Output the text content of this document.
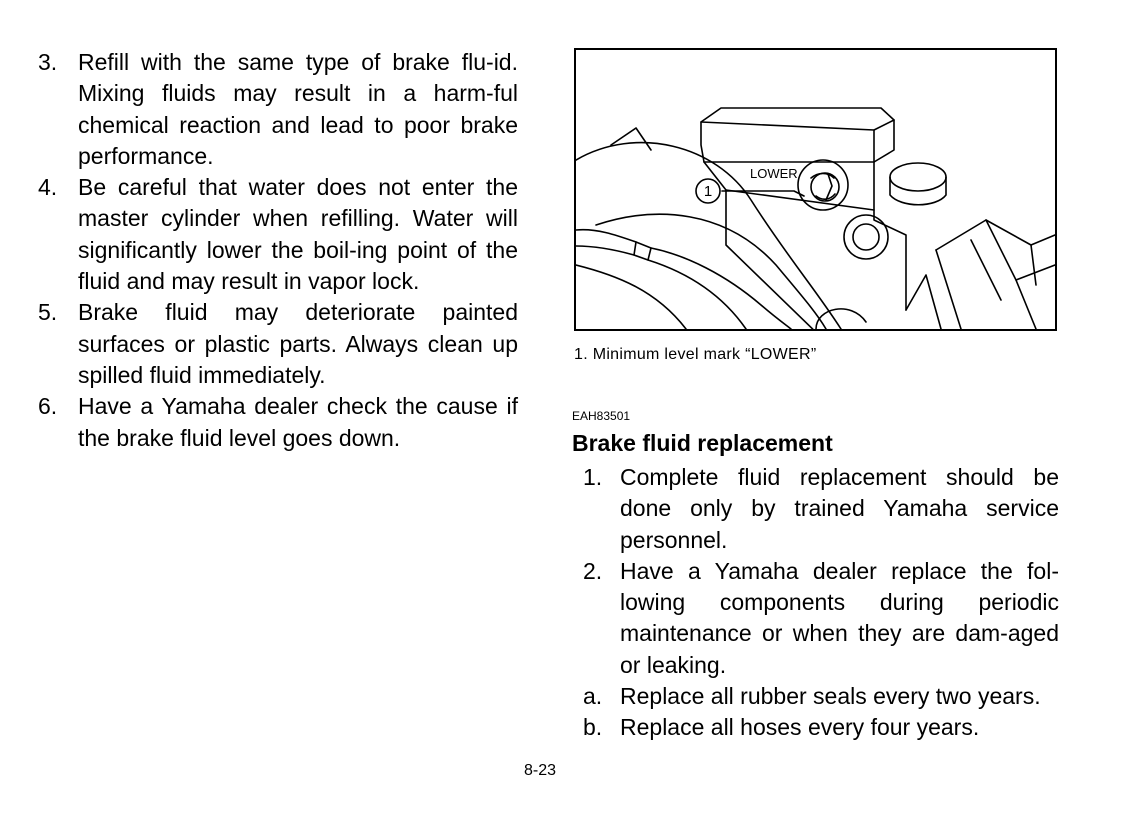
3. Refill with the same type of brake flu-id. Mixing fluids may result in a harm-ful chemical reaction and lead to poor brake performance.
4. Be careful that water does not enter the master cylinder when refilling. Water will significantly lower the boil-ing point of the fluid and may result in vapor lock.
5. Brake fluid may deteriorate painted surfaces or plastic parts. Always clean up spilled fluid immediately.
6. Have a Yamaha dealer check the cause if the brake fluid level goes down.
LOWER
1
1. Minimum level mark “LOWER”
EAH83501
Brake fluid replacement
1. Complete fluid replacement should be done only by trained Yamaha service personnel.
2. Have a Yamaha dealer replace the fol-lowing components during periodic maintenance or when they are dam-aged or leaking.
a. Replace all rubber seals every two years.
b. Replace all hoses every four years.
8-23
